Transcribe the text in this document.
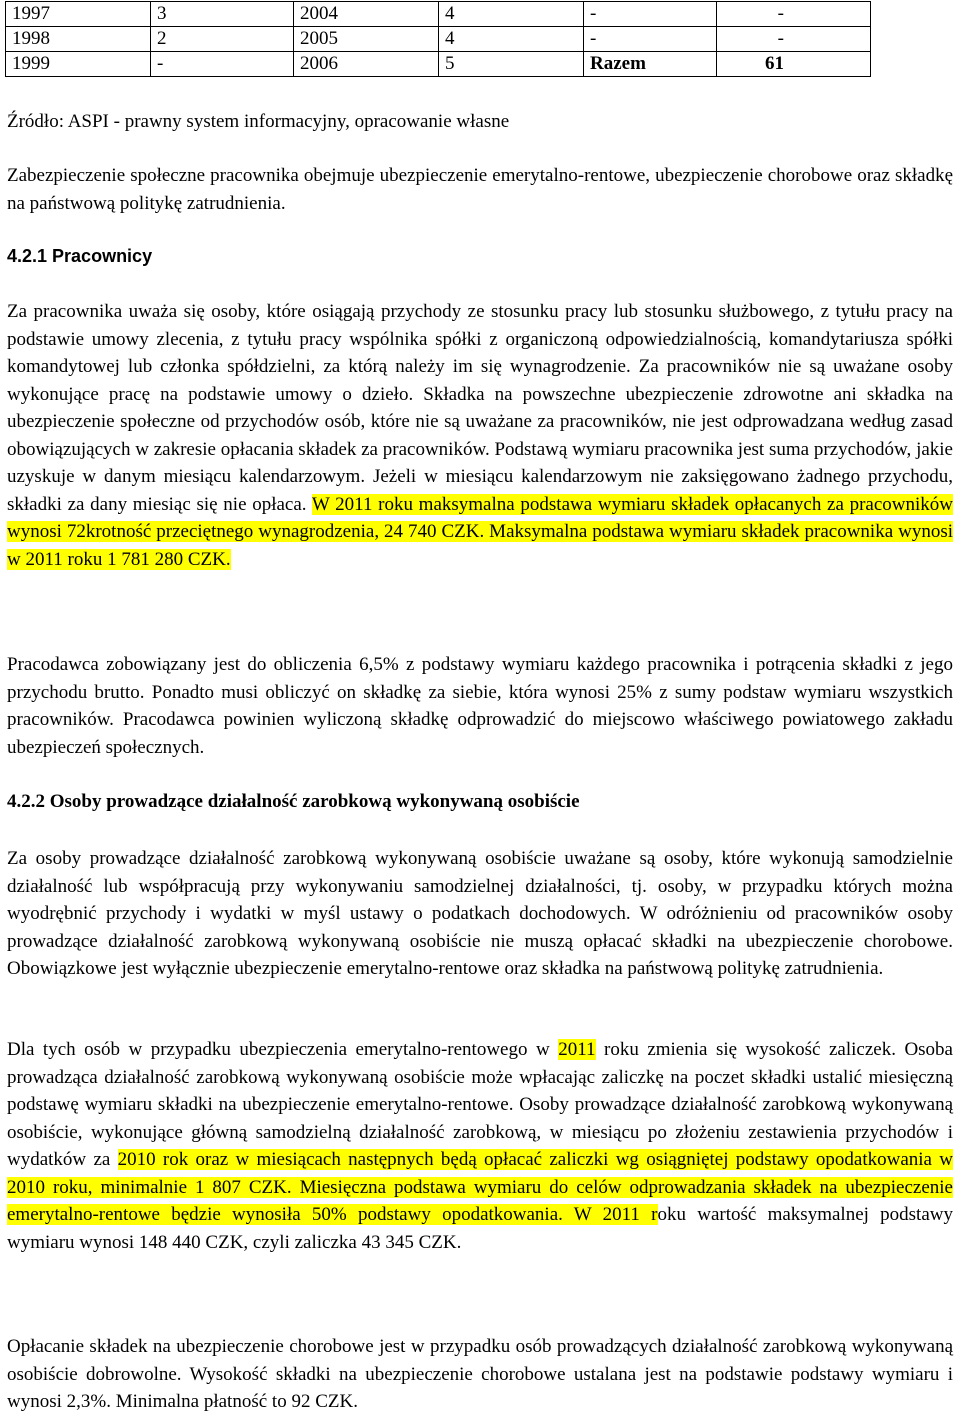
1997	3	2004	4	-	-
1998	2	2005	4	-	-
1999	-	2006	5	Razem	61

Źródło: ASPI - prawny system informacyjny, opracowanie własne

Zabezpieczenie społeczne pracownika obejmuje ubezpieczenie emerytalno-rentowe, ubezpieczenie chorobowe oraz składkę na państwową politykę zatrudnienia.

4.2.1 Pracownicy

Za pracownika uważa się osoby, które osiągają przychody ze stosunku pracy lub stosunku służbowego, z tytułu pracy na podstawie umowy zlecenia, z tytułu pracy wspólnika spółki z organiczoną odpowiedzialnością, komandytariusza spółki komandytowej lub członka spółdzielni, za którą należy im się wynagrodzenie. Za pracowników nie są uważane osoby wykonujące pracę na podstawie umowy o dzieło. Składka na powszechne ubezpieczenie zdrowotne ani składka na ubezpieczenie społeczne od przychodów osób, które nie są uważane za pracowników, nie jest odprowadzana według zasad obowiązujących w zakresie opłacania składek za pracowników. Podstawą wymiaru pracownika jest suma przychodów, jakie uzyskuje w danym miesiącu kalendarzowym. Jeżeli w miesiącu kalendarzowym nie zaksięgowano żadnego przychodu, składki za dany miesiąc się nie opłaca. W 2011 roku maksymalna podstawa wymiaru składek opłacanych za pracowników wynosi 72krotność przeciętnego wynagrodzenia, 24 740 CZK. Maksymalna podstawa wymiaru składek pracownika wynosi w 2011 roku 1 781 280 CZK.

Pracodawca zobowiązany jest do obliczenia 6,5% z podstawy wymiaru każdego pracownika i potrącenia składki z jego przychodu brutto. Ponadto musi obliczyć on składkę za siebie, która wynosi 25% z sumy podstaw wymiaru wszystkich pracowników. Pracodawca powinien wyliczoną składkę odprowadzić do miejscowo właściwego powiatowego zakładu ubezpieczeń społecznych.

4.2.2 Osoby prowadzące działalność zarobkową wykonywaną osobiście

Za osoby prowadzące działalność zarobkową wykonywaną osobiście uważane są osoby, które wykonują samodzielnie działalność lub współpracują przy wykonywaniu samodzielnej działalności, tj. osoby, w przypadku których można wyodrębnić przychody i wydatki w myśl ustawy o podatkach dochodowych. W odróżnieniu od pracowników osoby prowadzące działalność zarobkową wykonywaną osobiście nie muszą opłacać składki na ubezpieczenie chorobowe. Obowiązkowe jest wyłącznie ubezpieczenie emerytalno-rentowe oraz składka na państwową politykę zatrudnienia.

Dla tych osób w przypadku ubezpieczenia emerytalno-rentowego w 2011 roku zmienia się wysokość zaliczek. Osoba prowadząca działalność zarobkową wykonywaną osobiście może wpłacając zaliczkę na poczet składki ustalić miesięczną podstawę wymiaru składki na ubezpieczenie emerytalno-rentowe. Osoby prowadzące działalność zarobkową wykonywaną osobiście, wykonujące główną samodzielną działalność zarobkową, w miesiącu po złożeniu zestawienia przychodów i wydatków za 2010 rok oraz w miesiącach następnych będą opłacać zaliczki wg osiągniętej podstawy opodatkowania w 2010 roku, minimalnie 1 807 CZK. Miesięczna podstawa wymiaru do celów odprowadzania składek na ubezpieczenie emerytalno-rentowe będzie wynosiła 50% podstawy opodatkowania. W 2011 roku wartość maksymalnej podstawy wymiaru wynosi 148 440 CZK, czyli zaliczka 43 345 CZK.

Opłacanie składek na ubezpieczenie chorobowe jest w przypadku osób prowadzących działalność zarobkową wykonywaną osobiście dobrowolne. Wysokość składki na ubezpieczenie chorobowe ustalana jest na podstawie podstawy wymiaru i wynosi 2,3%. Minimalna płatność to 92 CZK.
